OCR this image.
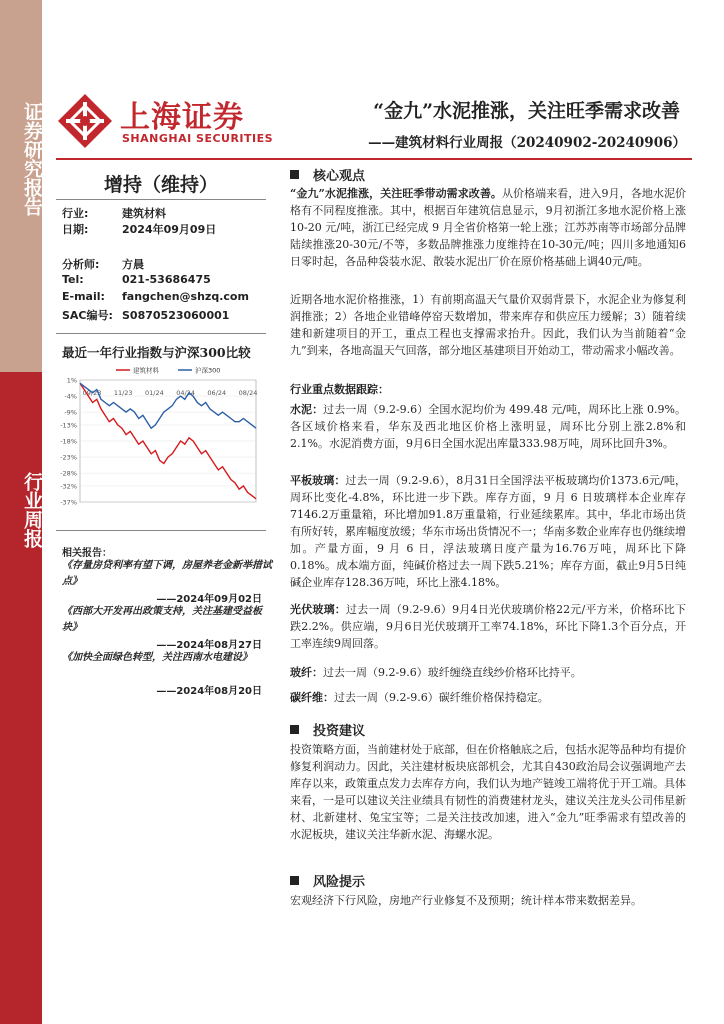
证券研究报告
行业周报
上海证券
SHANGHAI SECURITIES
“金九”水泥推涨，关注旺季需求改善
——建筑材料行业周报（20240902-20240906）
增持（维持）
行业:	建筑材料
日期:	2024年09月09日
分析师: 方晨
Tel:	021-53686475
E-mail: fangchen@shzq.com
SAC编号: S0870523060001
最近一年行业指数与沪深300比较
1%
-4%
-9%
-13%
-18%
-23%
-28%
-32%
-37%
09/23 11/23 01/24 04/24 06/24 08/24
建筑材料	沪深300
相关报告：
《存量房贷利率有望下调，房屋养老金新举措试点》
——2024年09月02日
《西部大开发再出政策支持，关注基建受益板块》
——2024年08月27日
《加快全面绿色转型，关注西南水电建设》
——2024年08月20日
核心观点
“金九”水泥推涨，关注旺季带动需求改善。从价格端来看，进入9月，各地水泥价格有不同程度推涨。其中，根据百年建筑信息显示，9月初浙江多地水泥价格上涨 10-20 元/吨，浙江已经完成 9 月全省价格第一轮上涨；江苏苏南等市场部分品牌陆续推涨20-30元/不等，多数品牌推涨力度维持在10-30元/吨；四川多地通知6日零时起，各品种袋装水泥、散装水泥出厂价在原价格基础上调40元/吨。
近期各地水泥价格推涨，1）有前期高温天气量价双弱背景下，水泥企业为修复利润推涨；2）各地企业错峰停窑天数增加，带来库存和供应压力缓解；3）随着续建和新建项目的开工，重点工程也支撑需求抬升。因此，我们认为当前随着“金九”到来，各地高温天气回落，部分地区基建项目开始动工，带动需求小幅改善。
行业重点数据跟踪：
水泥：过去一周（9.2-9.6）全国水泥均价为 499.48 元/吨，周环比上涨 0.9%。各区域价格来看，华东及西北地区价格上涨明显，周环比分别上涨2.8%和2.1%。水泥消费方面，9月6日全国水泥出库量333.98万吨，周环比回升3%。
平板玻璃：过去一周（9.2-9.6），8月31日全国浮法平板玻璃均价1373.6元/吨，周环比变化-4.8%，环比进一步下跌。库存方面，9 月 6 日玻璃样本企业库存7146.2万重量箱，环比增加91.8万重量箱，行业延续累库。其中，华北市场出货有所好转，累库幅度放缓；华东市场出货情况不一；华南多数企业库存也仍继续增加。产量方面，9 月 6 日，浮法玻璃日度产量为16.76万吨，周环比下降0.18%。成本端方面，纯碱价格过去一周下跌5.21%；库存方面，截止9月5日纯碱企业库存128.36万吨，环比上涨4.18%。
光伏玻璃：过去一周（9.2-9.6）9月4日光伏玻璃价格22元/平方米，价格环比下跌2.2%。供应端，9月6日光伏玻璃开工率74.18%，环比下降1.3个百分点，开工率连续9周回落。
玻纤：过去一周（9.2-9.6）玻纤缠绕直线纱价格环比持平。
碳纤维：过去一周（9.2-9.6）碳纤维价格保持稳定。
投资建议
投资策略方面，当前建材处于底部，但在价格触底之后，包括水泥等品种均有提价修复利润动力。因此，关注建材板块底部机会，尤其自430政治局会议强调地产去库存以来，政策重点发力去库存方向，我们认为地产链竣工端将优于开工端。具体来看，一是可以建议关注业绩具有韧性的消费建材龙头，建议关注龙头公司伟星新材、北新建材、兔宝宝等；二是关注技改加速，进入“金九”旺季需求有望改善的水泥板块，建议关注华新水泥、海螺水泥。
风险提示
宏观经济下行风险，房地产行业修复不及预期；统计样本带来数据差异。
